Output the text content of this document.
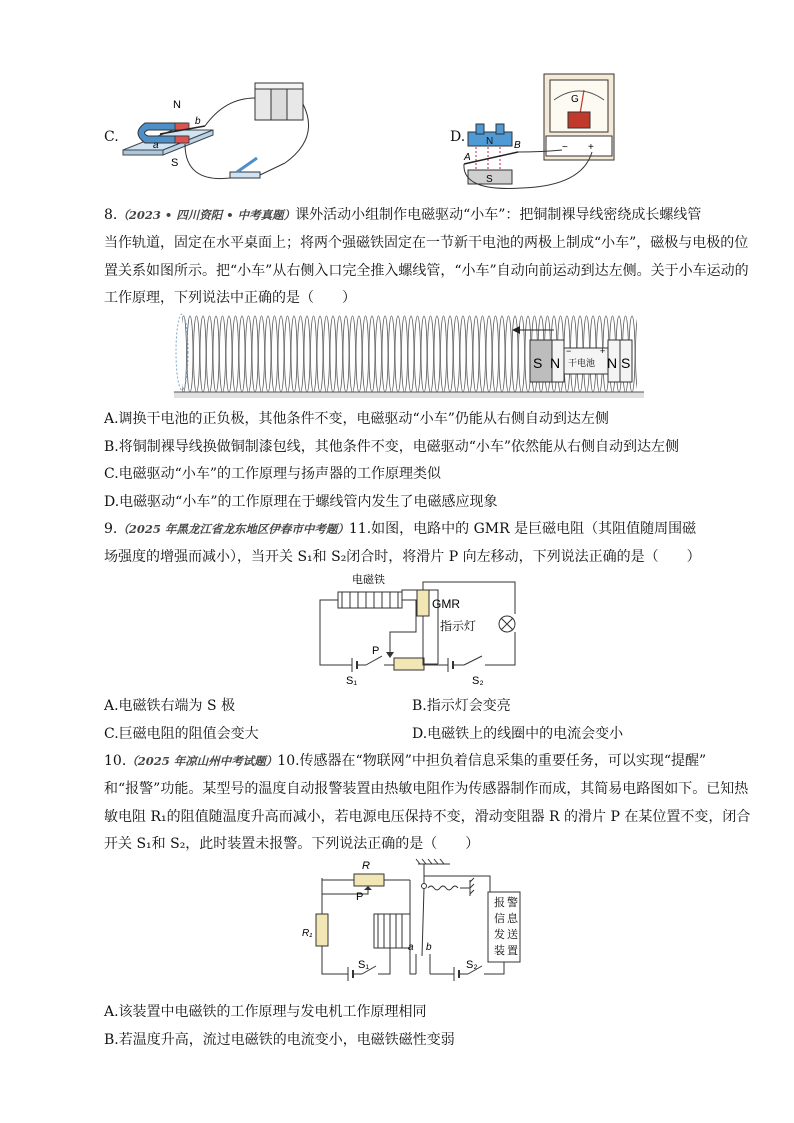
C.
N
S
a
b
D.
G
− +
N
S
A
B
8.（2023 • 四川资阳 • 中考真题）课外活动小组制作电磁驱动“小车”：把铜制裸导线密绕成长螺线管
当作轨道，固定在水平桌面上；将两个强磁铁固定在一节新干电池的两极上制成“小车”，磁极与电极的位
置关系如图所示。把“小车”从右侧入口完全推入螺线管，“小车”自动向前运动到达左侧。关于小车运动的
工作原理，下列说法中正确的是（　　）
S N
−
干电池
+
N S
A.调换干电池的正负极，其他条件不变，电磁驱动“小车”仍能从右侧自动到达左侧
B.将铜制裸导线换做铜制漆包线，其他条件不变，电磁驱动“小车”依然能从右侧自动到达左侧
C.电磁驱动“小车”的工作原理与扬声器的工作原理类似
D.电磁驱动“小车”的工作原理在于螺线管内发生了电磁感应现象
9.（2025 年黑龙江省龙东地区伊春市中考题）11.如图，电路中的 GMR 是巨磁电阻（其阻值随周围磁
场强度的增强而减小），当开关 S₁和 S₂闭合时，将滑片 P 向左移动，下列说法正确的是（　　）
电磁铁
S₁
P
GMR
指示灯
S₂
A.电磁铁右端为 S 极	B.指示灯会变亮
C.巨磁电阻的阻值会变大	D.电磁铁上的线圈中的电流会变小
10.（2025 年凉山州中考试题）10.传感器在“物联网”中担负着信息采集的重要任务，可以实现“提醒”
和“报警”功能。某型号的温度自动报警装置由热敏电阻作为传感器制作而成，其简易电路图如下。已知热
敏电阻 R₁的阻值随温度升高而减小，若电源电压保持不变，滑动变阻器 R 的滑片 P 在某位置不变，闭合
开关 S₁和 S₂，此时装置未报警。下列说法正确的是（　　）
R
P
R₁
S₁
a b
报 警
信 息
发 送
装 置
S₂
A.该装置中电磁铁的工作原理与发电机工作原理相同
B.若温度升高，流过电磁铁的电流变小，电磁铁磁性变弱
